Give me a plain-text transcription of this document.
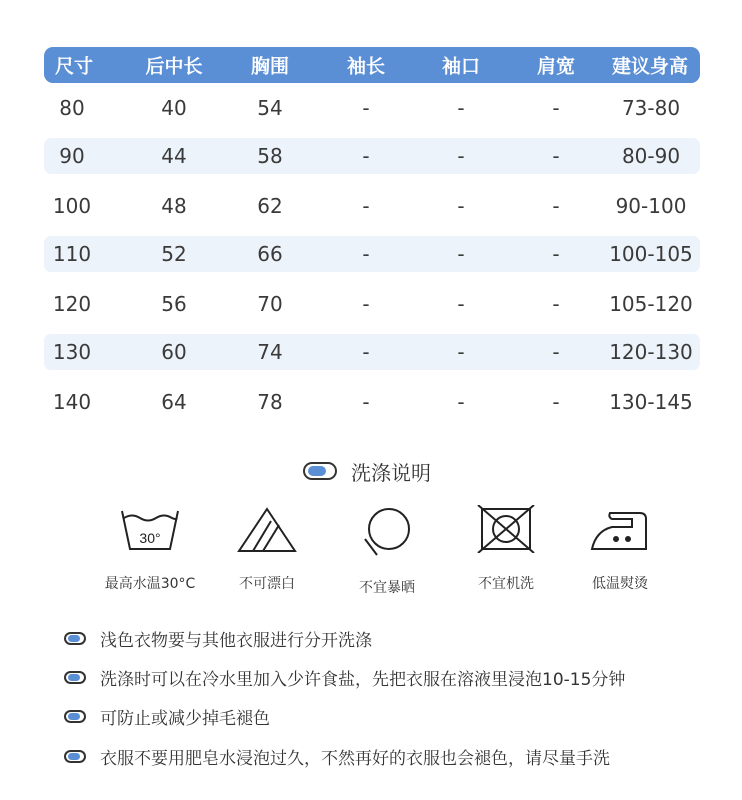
尺寸	后中长	胸围	袖长	袖口	肩宽	建议身高
80	40	54	-	-	-	73-80
90	44	58	-	-	-	80-90
100	48	62	-	-	-	90-100
110	52	66	-	-	-	100-105
120	56	70	-	-	-	105-120
130	60	74	-	-	-	120-130
140	64	78	-	-	-	130-145
洗涤说明
30°
最高水温30°C	不可漂白	不宜暴晒	不宜机洗	低温熨烫
浅色衣物要与其他衣服进行分开洗涤
洗涤时可以在冷水里加入少许食盐，先把衣服在溶液里浸泡10-15分钟
可防止或减少掉毛褪色
衣服不要用肥皂水浸泡过久，不然再好的衣服也会褪色，请尽量手洗
